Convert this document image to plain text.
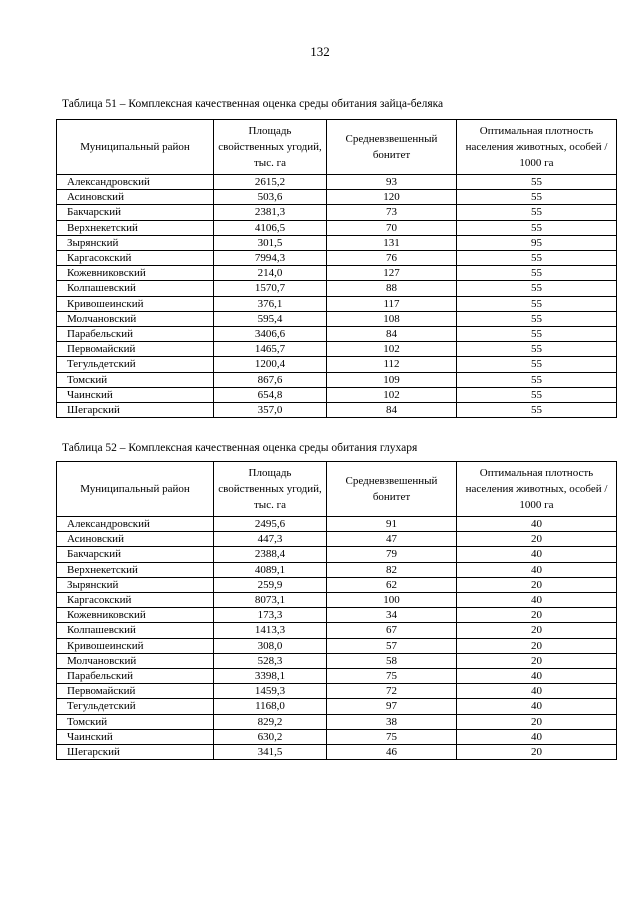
132
Таблица 51 – Комплексная качественная оценка среды обитания зайца-беляка
Муниципальный район	Площадь свойственных угодий, тыс. га	Средневзвешенный бонитет	Оптимальная плотность населения животных, особей / 1000 га
Александровский	2615,2	93	55
Асиновский	503,6	120	55
Бакчарский	2381,3	73	55
Верхнекетский	4106,5	70	55
Зырянский	301,5	131	95
Каргасокский	7994,3	76	55
Кожевниковский	214,0	127	55
Колпашевский	1570,7	88	55
Кривошеинский	376,1	117	55
Молчановский	595,4	108	55
Парабельский	3406,6	84	55
Первомайский	1465,7	102	55
Тегульдетский	1200,4	112	55
Томский	867,6	109	55
Чаинский	654,8	102	55
Шегарский	357,0	84	55
Таблица 52 – Комплексная качественная оценка среды обитания глухаря
Муниципальный район	Площадь свойственных угодий, тыс. га	Средневзвешенный бонитет	Оптимальная плотность населения животных, особей / 1000 га
Александровский	2495,6	91	40
Асиновский	447,3	47	20
Бакчарский	2388,4	79	40
Верхнекетский	4089,1	82	40
Зырянский	259,9	62	20
Каргасокский	8073,1	100	40
Кожевниковский	173,3	34	20
Колпашевский	1413,3	67	20
Кривошеинский	308,0	57	20
Молчановский	528,3	58	20
Парабельский	3398,1	75	40
Первомайский	1459,3	72	40
Тегульдетский	1168,0	97	40
Томский	829,2	38	20
Чаинский	630,2	75	40
Шегарский	341,5	46	20
